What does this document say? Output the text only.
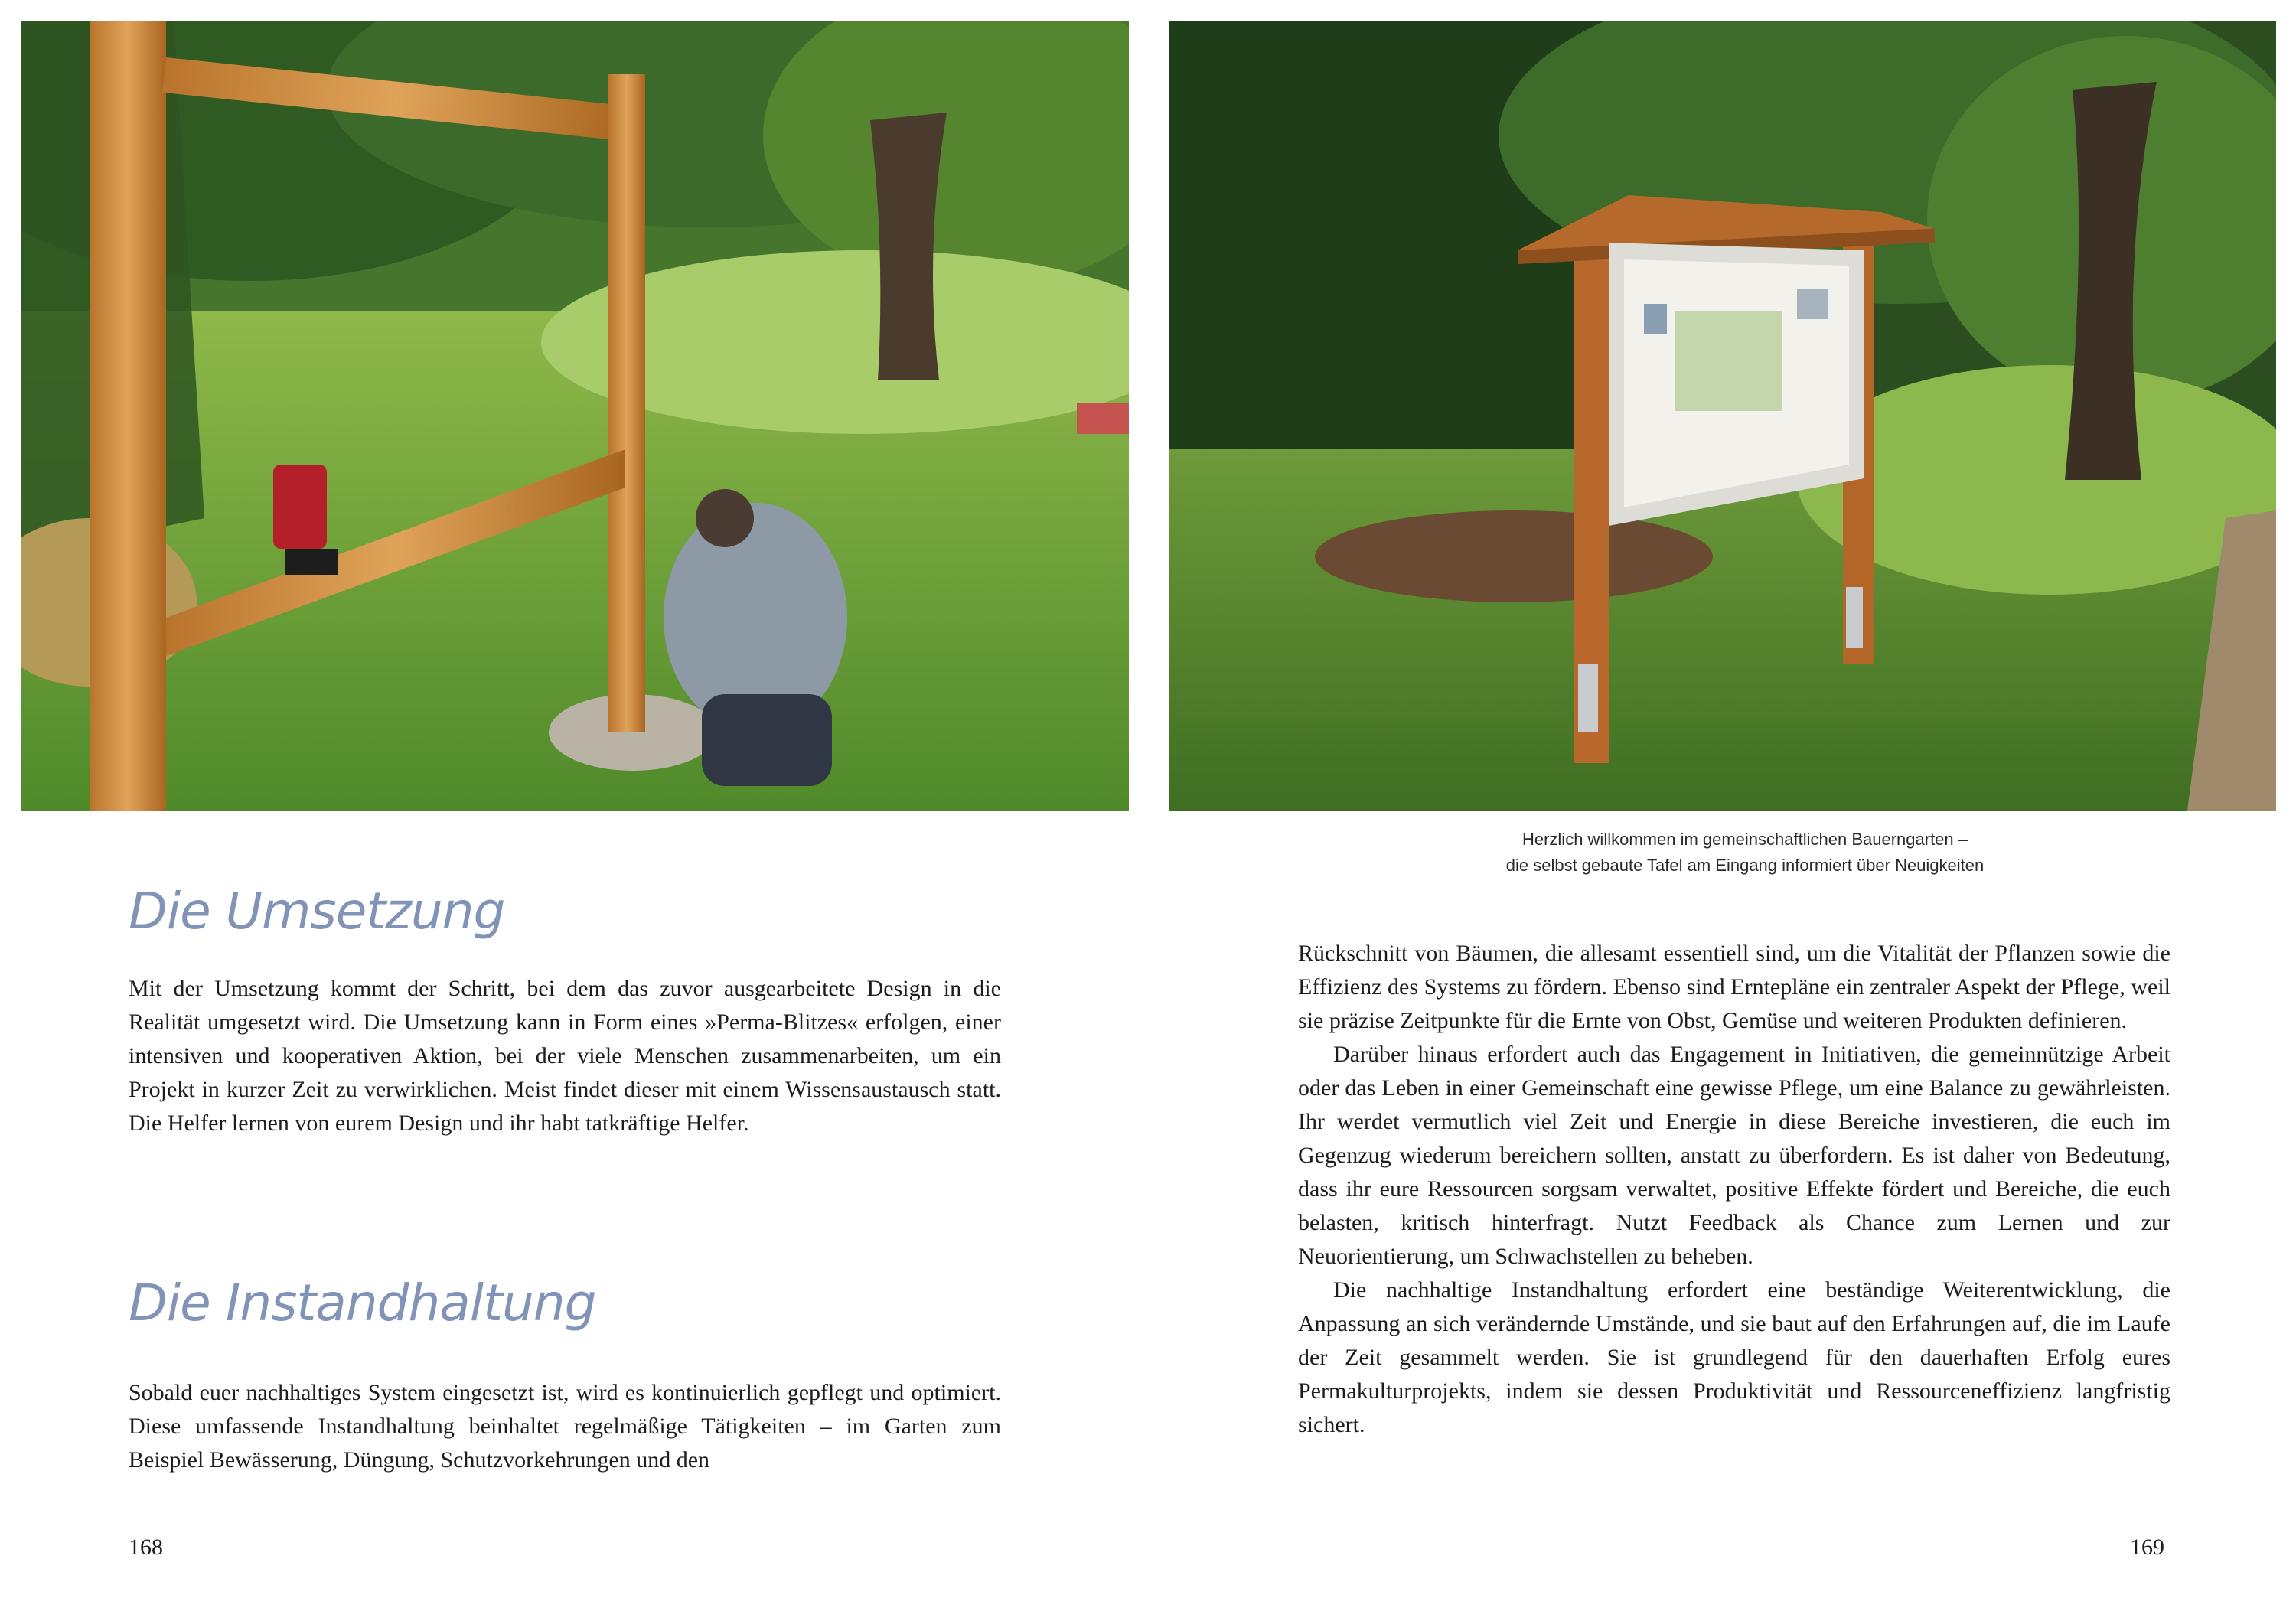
Die Umsetzung

Mit der Umsetzung kommt der Schritt, bei dem das zuvor ausgearbeitete Design in die Realität umgesetzt wird. Die Umsetzung kann in Form eines »Perma-Blitzes« erfolgen, einer intensiven und kooperativen Aktion, bei der viele Menschen zusammenarbeiten, um ein Projekt in kurzer Zeit zu verwirklichen. Meist findet dieser mit einem Wissensaustausch statt. Die Helfer lernen von eurem Design und ihr habt tatkräftige Helfer.

Die Instandhaltung

Sobald euer nachhaltiges System eingesetzt ist, wird es kontinuierlich gepflegt und optimiert. Diese umfassende Instandhaltung beinhaltet regelmäßige Tätigkeiten – im Garten zum Beispiel Bewässerung, Düngung, Schutzvorkehrungen und den

168
Herzlich willkommen im gemeinschaftlichen Bauerngarten –
die selbst gebaute Tafel am Eingang informiert über Neuigkeiten

Rückschnitt von Bäumen, die allesamt essentiell sind, um die Vitalität der Pflanzen sowie die Effizienz des Systems zu fördern. Ebenso sind Erntepläne ein zentraler Aspekt der Pflege, weil sie präzise Zeitpunkte für die Ernte von Obst, Gemüse und weiteren Produkten definieren.

Darüber hinaus erfordert auch das Engagement in Initiativen, die gemeinnützige Arbeit oder das Leben in einer Gemeinschaft eine gewisse Pflege, um eine Balance zu gewährleisten. Ihr werdet vermutlich viel Zeit und Energie in diese Bereiche investieren, die euch im Gegenzug wiederum bereichern sollten, anstatt zu überfordern. Es ist daher von Bedeutung, dass ihr eure Ressourcen sorgsam verwaltet, positive Effekte fördert und Bereiche, die euch belasten, kritisch hinterfragt. Nutzt Feedback als Chance zum Lernen und zur Neuorientierung, um Schwachstellen zu beheben.

Die nachhaltige Instandhaltung erfordert eine beständige Weiterentwicklung, die Anpassung an sich verändernde Umstände, und sie baut auf den Erfahrungen auf, die im Laufe der Zeit gesammelt werden. Sie ist grundlegend für den dauerhaften Erfolg eures Permakulturprojekts, indem sie dessen Produktivität und Ressourceneffizienz langfristig sichert.

169
